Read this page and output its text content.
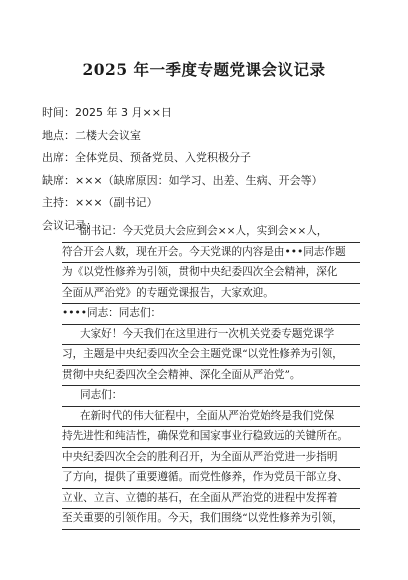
2025 年一季度专题党课会议记录
时间：2025 年 3 月××日
地点：二楼大会议室
出席：全体党员、预备党员、入党积极分子
缺席：×××（缺席原因：如学习、出差、生病、开会等）
主持：×××（副书记）
会议记录：
副书记：今天党员大会应到会××人，实到会××人，
符合开会人数，现在开会。今天党课的内容是由•••同志作题
为《以党性修养为引领，贯彻中央纪委四次全会精神，深化
全面从严治党》的专题党课报告，大家欢迎。
••••同志：同志们：
大家好！今天我们在这里进行一次机关党委专题党课学
习，主题是中央纪委四次全会主题党课“以党性修养为引领，
贯彻中央纪委四次全会精神、深化全面从严治党”。
同志们：
在新时代的伟大征程中，全面从严治党始终是我们党保
持先进性和纯洁性，确保党和国家事业行稳致远的关键所在。
中央纪委四次全会的胜利召开，为全面从严治党进一步指明
了方向，提供了重要遵循。而党性修养，作为党员干部立身、
立业、立言、立德的基石，在全面从严治党的进程中发挥着
至关重要的引领作用。今天，我们围绕“以党性修养为引领，
